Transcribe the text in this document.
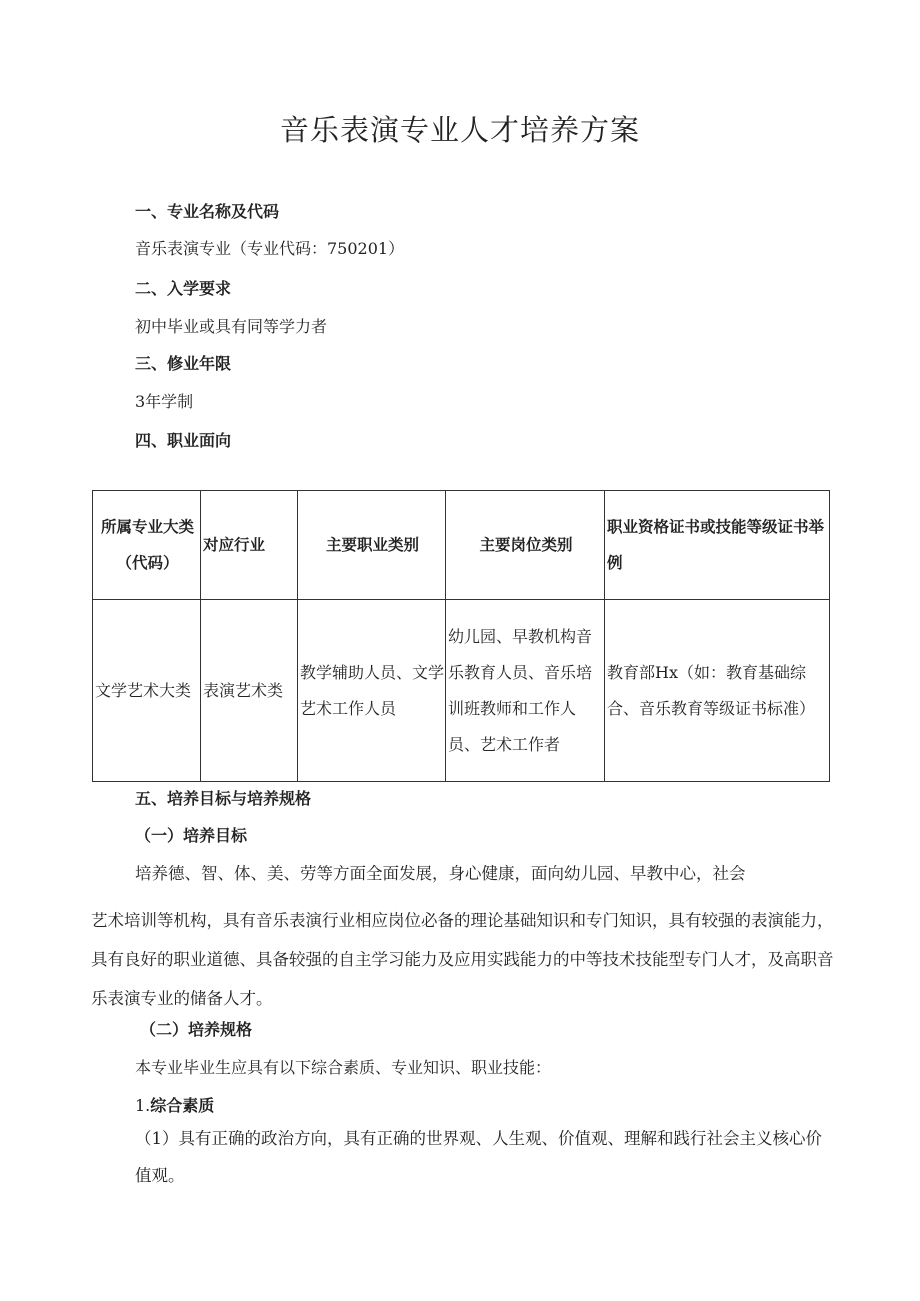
音乐表演专业人才培养方案
一、专业名称及代码
音乐表演专业（专业代码：750201）
二、入学要求
初中毕业或具有同等学力者
三、修业年限
3年学制
四、职业面向
所属专业大类（代码）	对应行业	主要职业类别	主要岗位类别	职业资格证书或技能等级证书举例
文学艺术大类	表演艺术类	教学辅助人员、文学艺术工作人员	幼儿园、早教机构音乐教育人员、音乐培训班教师和工作人员、艺术工作者	教育部Hx（如：教育基础综合、音乐教育等级证书标准）
五、培养目标与培养规格
（一）培养目标
培养德、智、体、美、劳等方面全面发展，身心健康，面向幼儿园、早教中心，社会
艺术培训等机构，具有音乐表演行业相应岗位必备的理论基础知识和专门知识，具有较强的表演能力，具有良好的职业道德、具备较强的自主学习能力及应用实践能力的中等技术技能型专门人才，及高职音乐表演专业的储备人才。
（二）培养规格
本专业毕业生应具有以下综合素质、专业知识、职业技能：
1.综合素质
（1）具有正确的政治方向，具有正确的世界观、人生观、价值观、理解和践行社会主义核心价值观。
